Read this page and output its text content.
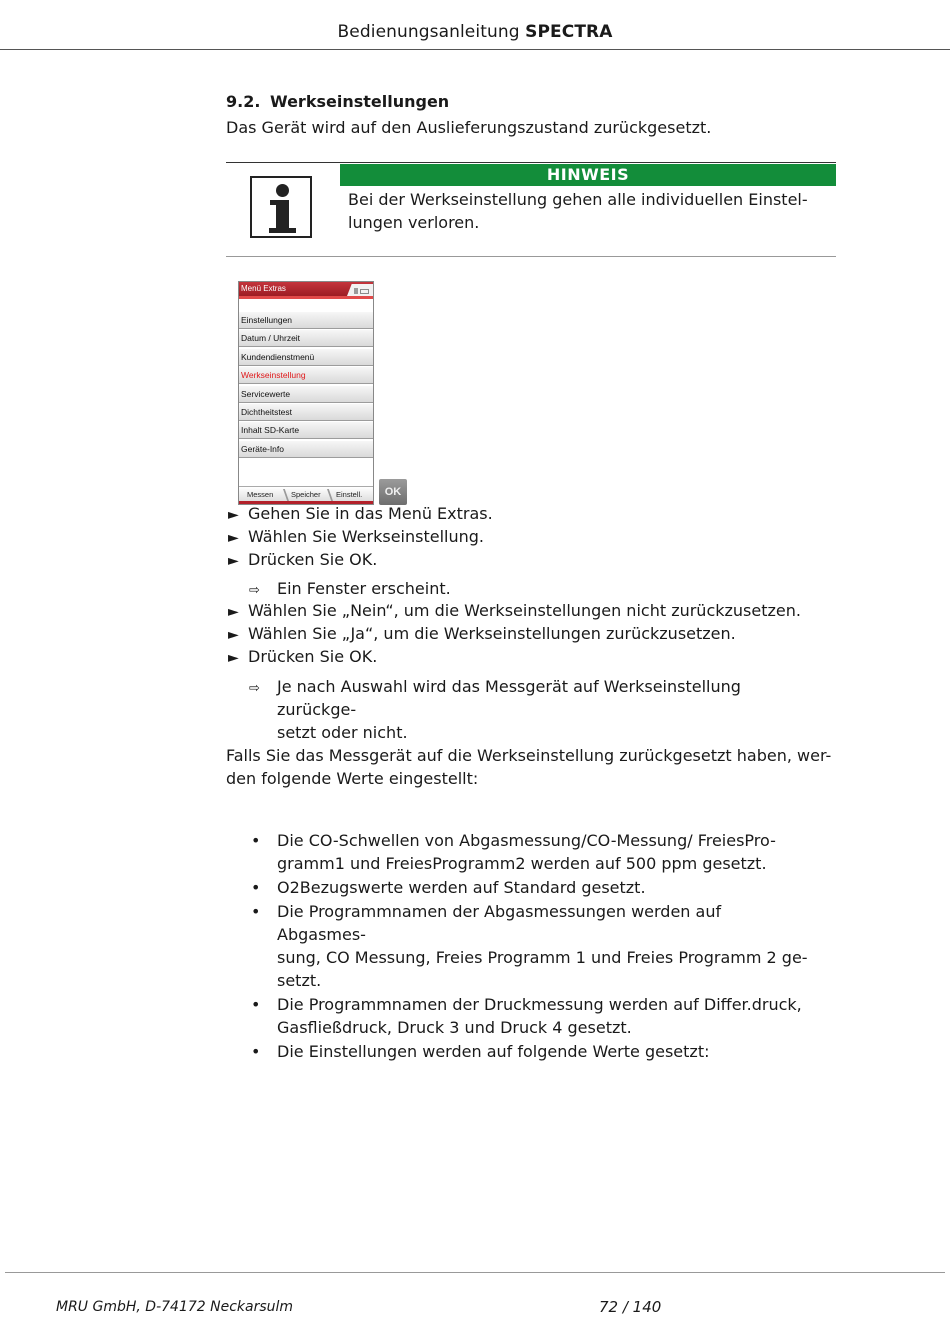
Bedienungsanleitung SPECTRA
9.2. Werkseinstellungen
Das Gerät wird auf den Auslieferungszustand zurückgesetzt.
HINWEIS
Bei der Werkseinstellung gehen alle individuellen Einstel-
lungen verloren.
Menü Extras
Einstellungen
Datum / Uhrzeit
Kundendienstmenü
Werkseinstellung
Servicewerte
Dichtheitstest
Inhalt SD-Karte
Geräte-Info
Messen Speicher Einstell.	OK
► Gehen Sie in das Menü Extras.
► Wählen Sie Werkseinstellung.
► Drücken Sie OK.
⇨ Ein Fenster erscheint.
► Wählen Sie „Nein“, um die Werkseinstellungen nicht zurückzusetzen.
► Wählen Sie „Ja“, um die Werkseinstellungen zurückzusetzen.
► Drücken Sie OK.
⇨ Je nach Auswahl wird das Messgerät auf Werkseinstellung zurückge-
setzt oder nicht.
Falls Sie das Messgerät auf die Werkseinstellung zurückgesetzt haben, wer-
den folgende Werte eingestellt:
• Die CO-Schwellen von Abgasmessung/CO-Messung/ FreiesPro-
gramm1 und FreiesProgramm2 werden auf 500 ppm gesetzt.
• O2Bezugswerte werden auf Standard gesetzt.
• Die Programmnamen der Abgasmessungen werden auf Abgasmes-
sung, CO Messung, Freies Programm 1 und Freies Programm 2 ge-
setzt.
• Die Programmnamen der Druckmessung werden auf Differ.druck,
Gasfließdruck, Druck 3 und Druck 4 gesetzt.
• Die Einstellungen werden auf folgende Werte gesetzt:
MRU GmbH, D-74172 Neckarsulm	72 / 140
